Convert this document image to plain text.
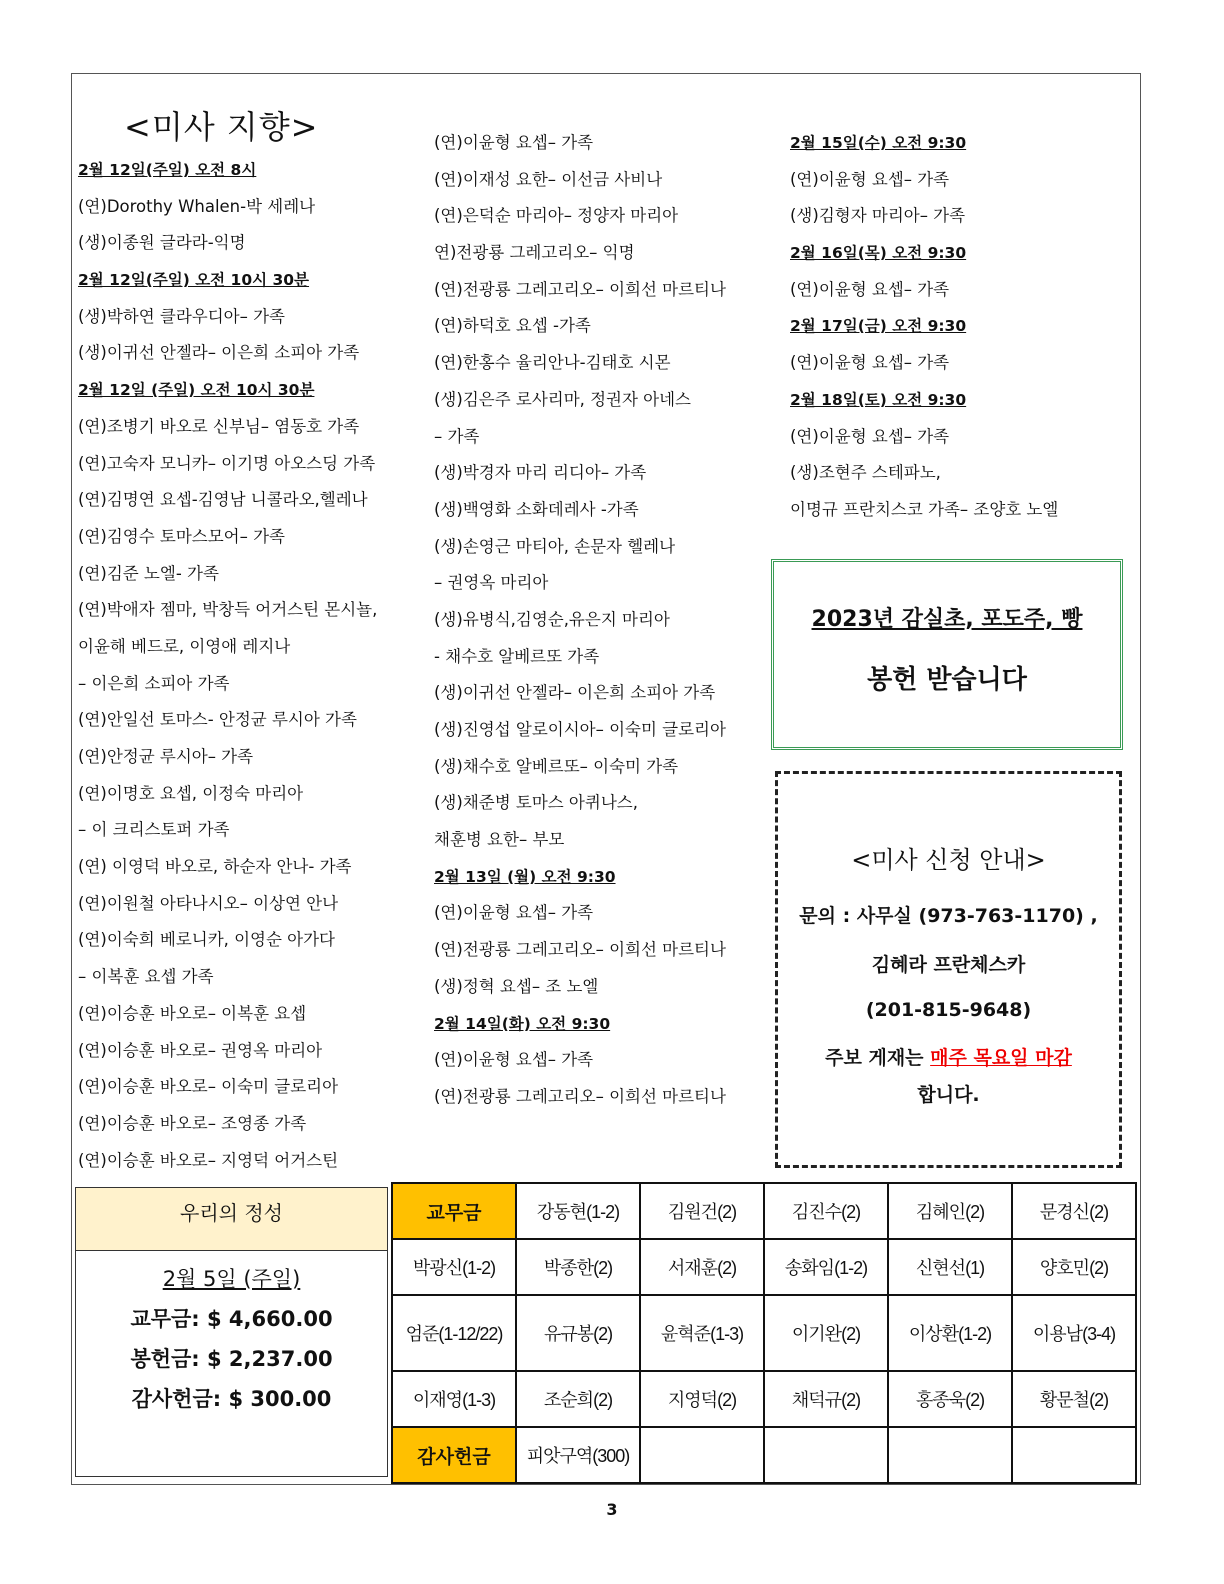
<미사 지향>
2월 12일(주일) 오전 8시
(연)Dorothy Whalen-박 세레나
(생)이종원 글라라-익명
2월 12일(주일) 오전 10시 30분
(생)박하연 클라우디아– 가족
(생)이귀선 안젤라– 이은희 소피아 가족
2월 12일 (주일) 오전 10시 30분
(연)조병기 바오로 신부님– 염동호 가족
(연)고숙자 모니카– 이기명 아오스딩 가족
(연)김명연 요셉-김영남 니콜라오,헬레나
(연)김영수 토마스모어– 가족
(연)김준 노엘- 가족
(연)박애자 젬마, 박창득 어거스틴 몬시뇰,
이윤해 베드로, 이영애 레지나
– 이은희 소피아 가족
(연)안일선 토마스- 안정균 루시아 가족
(연)안정균 루시아– 가족
(연)이명호 요셉, 이정숙 마리아
– 이 크리스토퍼 가족
(연) 이영덕 바오로, 하순자 안나- 가족
(연)이원철 아타나시오– 이상연 안나
(연)이숙희 베로니카, 이영순 아가다
– 이복훈 요셉 가족
(연)이승훈 바오로– 이복훈 요셉
(연)이승훈 바오로– 권영옥 마리아
(연)이승훈 바오로– 이숙미 글로리아
(연)이승훈 바오로– 조영종 가족
(연)이승훈 바오로– 지영덕 어거스틴
(연)이윤형 요셉– 가족
(연)이재성 요한– 이선금 사비나
(연)은덕순 마리아– 정양자 마리아
연)전광룡 그레고리오– 익명
(연)전광룡 그레고리오– 이희선 마르티나
(연)하덕호 요셉 -가족
(연)한홍수 율리안나-김태호 시몬
(생)김은주 로사리마, 정권자 아네스
– 가족
(생)박경자 마리 리디아– 가족
(생)백영화 소화데레사 -가족
(생)손영근 마티아, 손문자 헬레나
– 권영옥 마리아
(생)유병식,김영순,유은지 마리아
- 채수호 알베르또 가족
(생)이귀선 안젤라– 이은희 소피아 가족
(생)진영섭 알로이시아– 이숙미 글로리아
(생)채수호 알베르또– 이숙미 가족
(생)채준병 토마스 아퀴나스,
채훈병 요한– 부모
2월 13일 (월) 오전 9:30
(연)이윤형 요셉– 가족
(연)전광룡 그레고리오– 이희선 마르티나
(생)정혁 요셉– 조 노엘
2월 14일(화) 오전 9:30
(연)이윤형 요셉– 가족
(연)전광룡 그레고리오– 이희선 마르티나
2월 15일(수) 오전 9:30
(연)이윤형 요셉– 가족
(생)김형자 마리아– 가족
2월 16일(목) 오전 9:30
(연)이윤형 요셉– 가족
2월 17일(금) 오전 9:30
(연)이윤형 요셉– 가족
2월 18일(토) 오전 9:30
(연)이윤형 요셉– 가족
(생)조현주 스테파노,
이명규 프란치스코 가족– 조양호 노엘
2023년 감실초, 포도주, 빵
봉헌 받습니다
<미사 신청 안내>
문의 : 사무실 (973-763-1170) ,
김혜라 프란체스카
(201-815-9648)
주보 게재는 매주 목요일 마감
합니다.
우리의 정성
2월 5일 (주일)
교무금: $ 4,660.00
봉헌금: $ 2,237.00
감사헌금: $ 300.00
교무금	강동현(1-2)	김원건(2)	김진수(2)	김혜인(2)	문경신(2)
박광신(1-2)	박종한(2)	서재훈(2)	송화임(1-2)	신현선(1)	양호민(2)
엄준(1-12/22)	유규봉(2)	윤혁준(1-3)	이기완(2)	이상환(1-2)	이용남(3-4)
이재영(1-3)	조순희(2)	지영덕(2)	채덕규(2)	홍종욱(2)	황문철(2)
감사헌금	피앗구역(300)				
3
